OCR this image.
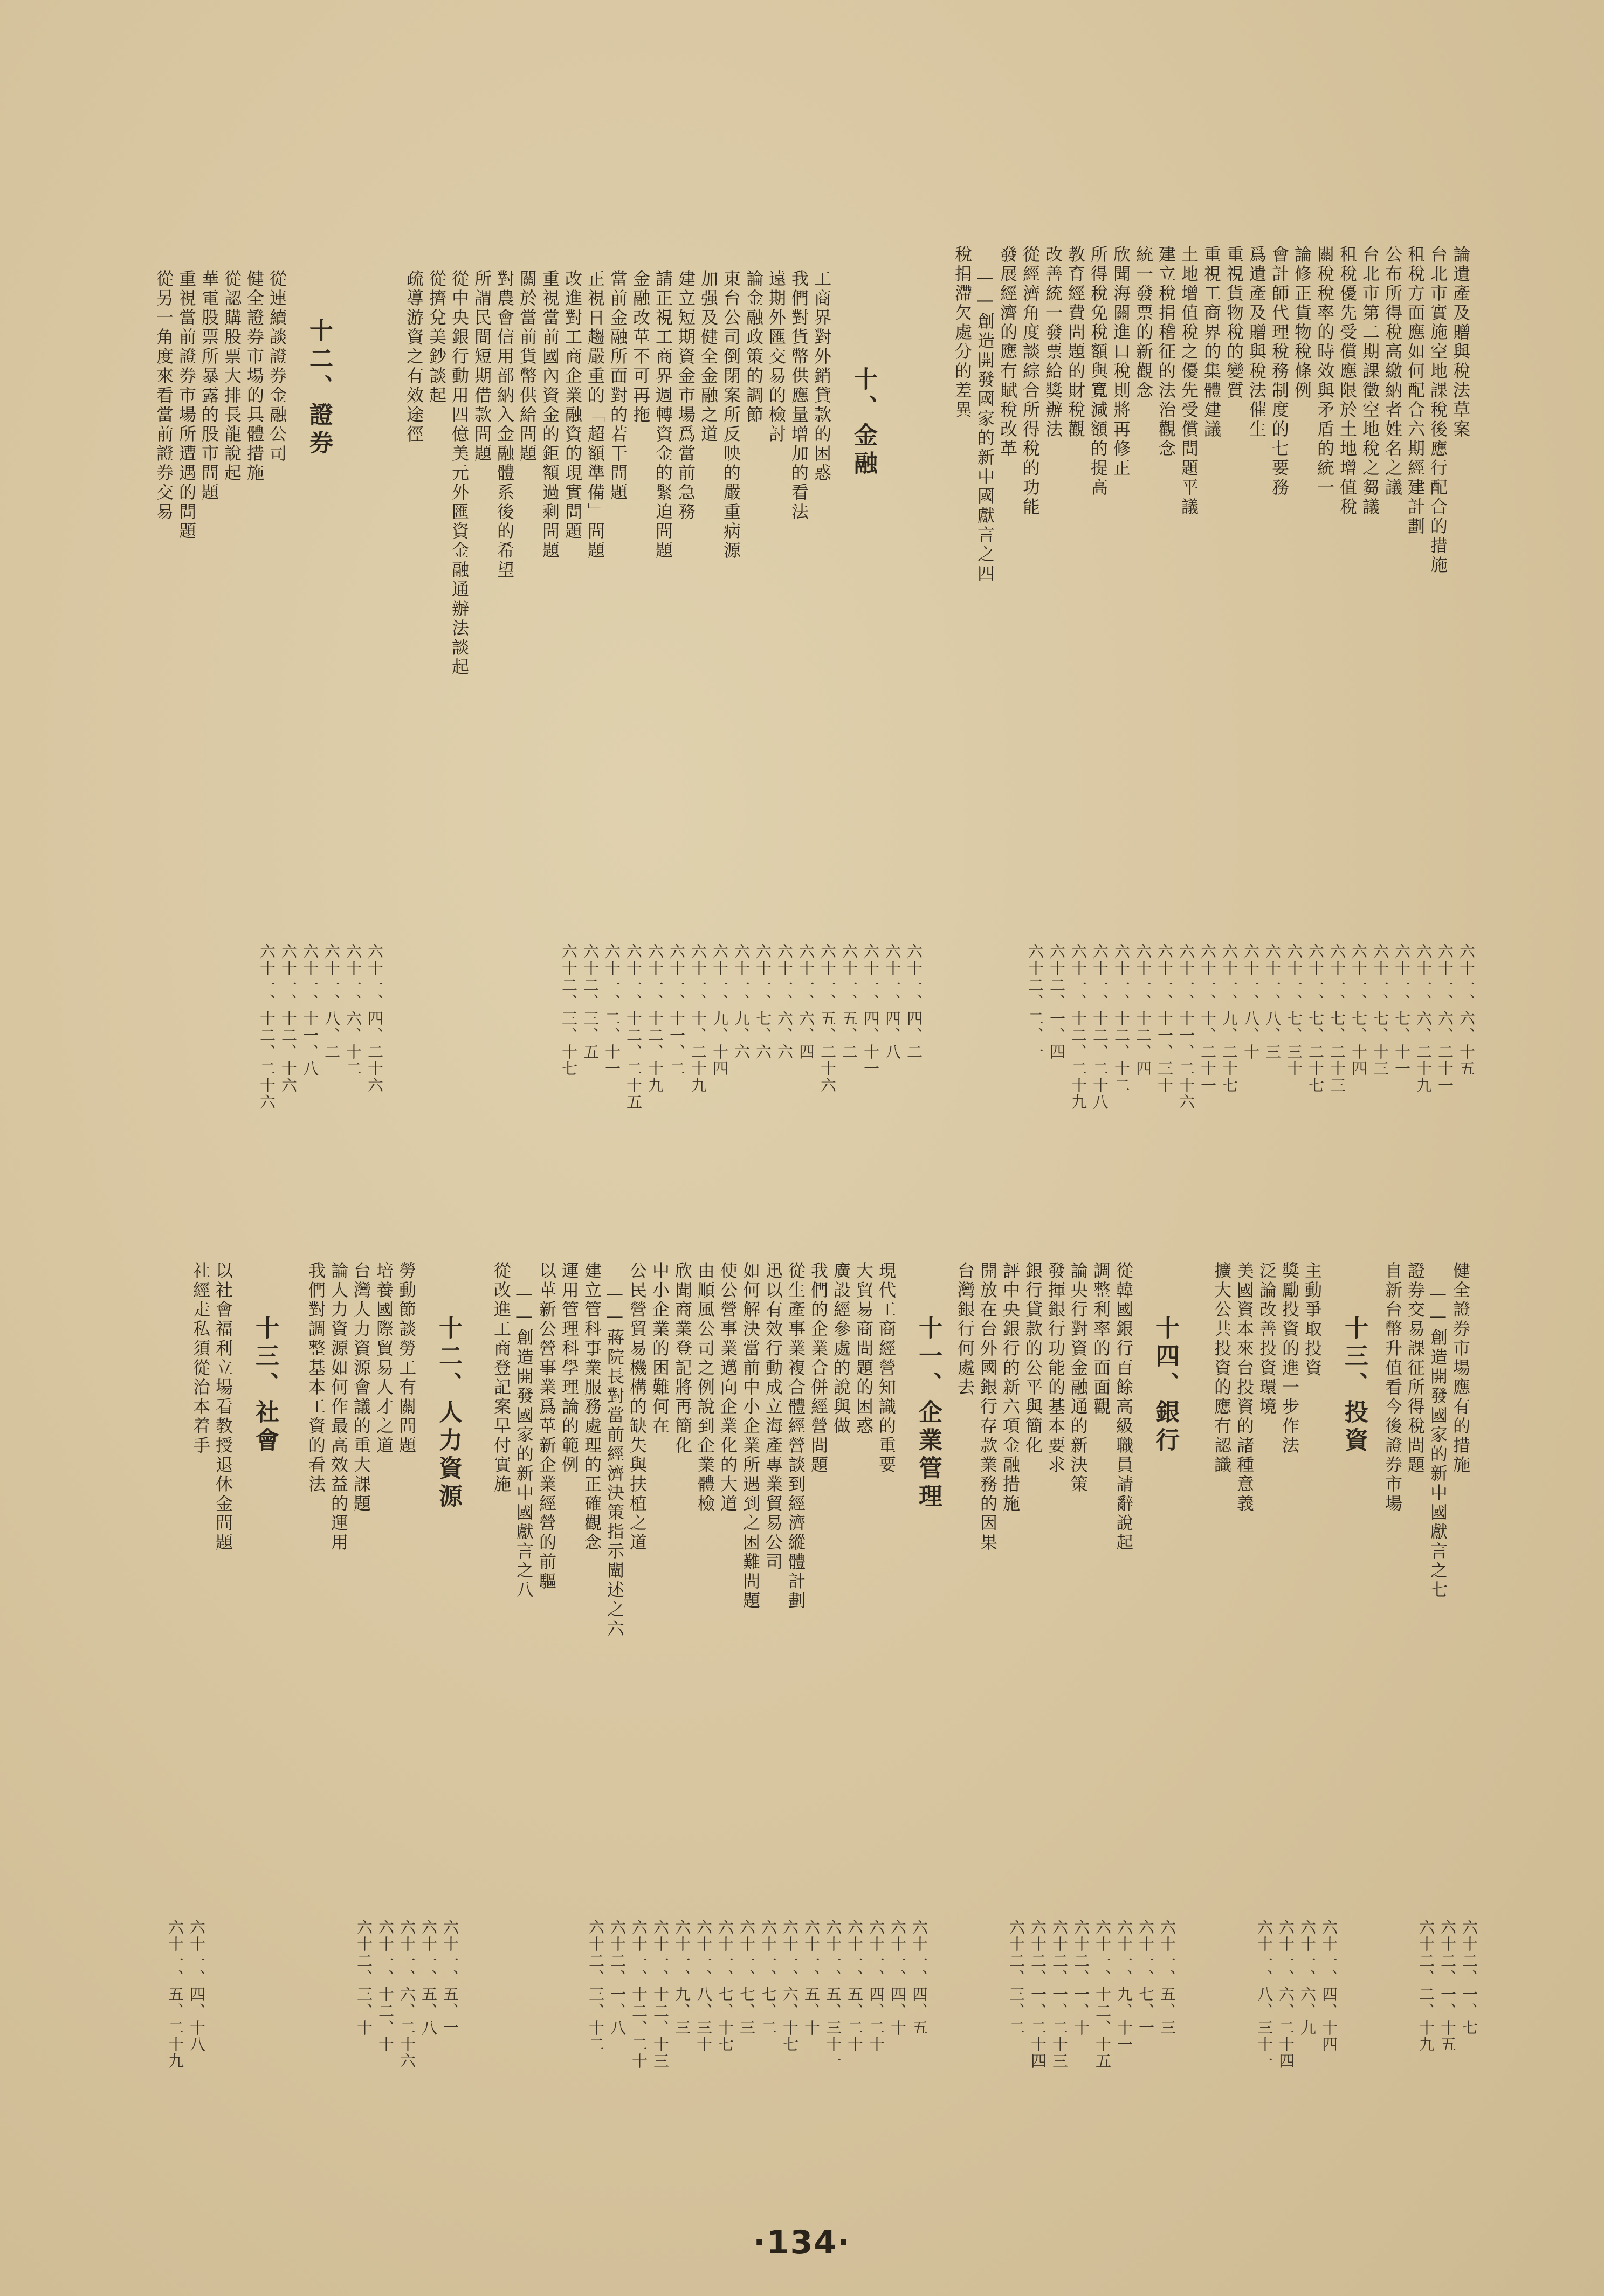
論遺產及贈與稅法草案
台北市實施空地課稅後應行配合的措施
租稅方面應如何配合六期經建計劃
公布所得稅高繳納者姓名之議
台北市第二期課徵空地稅之芻議
租稅優先受償應限於土地增值稅
關稅稅率的時效與矛盾的統一
論修正貨物稅條例
會計師代理稅務制度的七要務
爲遺產及贈與稅法催生
重視貨物稅的變質
重視工商界的集體建議
土地增值稅之優先受償問題平議
建立稅捐稽征的法治觀念
統一發票的新觀念
欣聞海關進口稅則將再修正
所得稅免稅額與寬減額的提高
教育經費問題的財稅觀
改善統一發票給獎辦法
從經濟角度談綜合所得稅的功能
發展經濟的應有賦稅改革
——創造開發國家的新中國獻言之四
稅捐滯欠處分的差異
十、金融
工商界對外銷貸款的困惑
我們對貨幣供應量增加的看法
遠期外匯交易的檢討
論金融政策的調節
東台公司倒閉案所反映的嚴重病源
加强及健全金融之道
建立短期資金市場爲當前急務
請正視工商界週轉資金的緊迫問題
金融改革不可再拖
當前金融所面對的若干問題
正視日趨嚴重的「超額準備」問題
改進對工商企業融資的現實問題
重視當前國內資金的鉅額過剩問題
關於當前貨幣供給問題
對農會信用部納入金融體系後的希望
所謂民間短期借款問題
從中央銀行動用四億美元外匯資金融通辦法談起
從擠兌美鈔談起
疏導游資之有效途徑
十二、證券
從連續談證券金融公司
健全證券市場的具體措施
從認購股票大排長龍說起
華電股票所暴露的股市問題
重視當前證券市場所遭遇的問題
從另一角度來看當前證券交易
六十一、六、十五
六十一、六、二十一
六十一、六、二十九
六十一、七、十一
六十一、七、十三
六十一、七、十四
六十一、七、二十三
六十一、七、二十七
六十一、七、三十
六十一、八、三
六十一、八、十
六十一、九、二十七
六十一、十、二十一
六十一、十一、二十六
六十一、十一、三十
六十一、十二、四
六十一、十二、十二
六十一、十二、二十八
六十一、十二、二十九
六十二、一、四
六十二、二、一
六十一、四、二
六十一、四、八
六十一、四、十一
六十一、五、二
六十一、五、二十六
六十一、六、四
六十一、六、六
六十一、七、六
六十一、九、六
六十一、九、十四
六十一、十、二十九
六十一、十一、二
六十一、十二、十九
六十一、十二、二十五
六十一、二、十一
六十二、三、五
六十二、三、十七
六十一、四、二十六
六十一、六、十二
六十一、八、二
六十一、十一、八
六十一、十二、十六
六十一、十二、二十六
健全證券市場應有的措施
——創造開發國家的新中國獻言之七
證券交易課征所得稅問題
自新台幣升值看今後證券市場
十三、投資
主動爭取投資
獎勵投資的進一步作法
泛論改善投資環境
美國資本來台投資的諸種意義
擴大公共投資的應有認識
十四、銀行
從韓國銀行百餘高級職員請辭說起
調整利率的面面觀
論央行對資金融通的新決策
發揮銀行功能的基本要求
銀行貸款的公平與簡化
評中央銀行的新六項金融措施
開放在台外國銀行存款業務的因果
台灣銀行何處去
十一、企業管理
現代工商經營知識的重要
大貿易商問題的困惑
廣設經參處的說與做
我們的企業合併經營問題
從生產事業複合體經營談到經濟縱體計劃
迅以有效行動成立海產專業貿易公司
如何解決當前中小企業所遇到之困難問題
使公營事業邁向企業化的大道
由順風公司之例說到企業體檢
欣聞商業登記將再簡化
中小企業的困難何在
公民營貿易機構的缺失與扶植之道
——蔣院長對當前經濟決策指示闡述之六
建立管科事業服務處理的正確觀念
運用管理科學理論的範例
以革新公營事業爲革新企業經營的前驅
——創造開發國家的新中國獻言之八
從改進工商登記案早付實施
十二、人力資源
勞動節談勞工有關問題
培養國際貿易人才之道
台灣人力資源會議的重大課題
論人力資源如何作最高效益的運用
我們對調整基本工資的看法
十三、社會
以社會福利立場看教授退休金問題
社經走私須從治本着手
六十二、一、七
六十二、一、十五
六十二、二、十九
六十一、四、十四
六十一、六、九
六十一、六、二十四
六十一、八、三十一
六十一、五、三
六十一、七、一
六十一、九、十一
六十一、十二、十五
六十二、一、十
六十二、一、二十三
六十二、一、二十四
六十二、三、二
六十一、四、五
六十一、四、十
六十一、四、二十
六十一、五、二十
六十一、五、三十一
六十一、五、十
六十一、六、十七
六十一、七、二
六十一、七、三
六十一、七、十七
六十一、八、三十
六十一、九、三
六十一、十二、十三
六十一、十二、二十
六十二、一、八
六十二、三、十二
六十一、五、一
六十一、五、八
六十一、六、二十六
六十一、十二、十
六十二、三、十
六十一、四、十八
六十一、五、二十九
·134·
